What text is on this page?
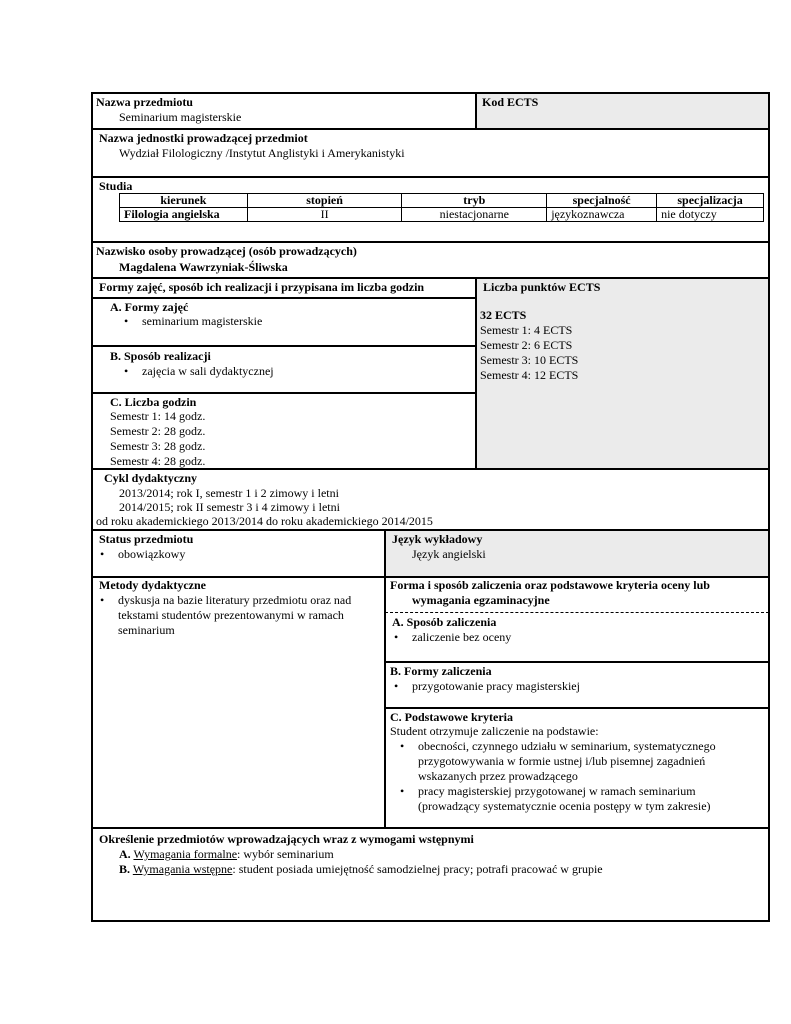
Nazwa przedmiotu
Seminarium magisterskie
Kod ECTS
Nazwa jednostki prowadzącej przedmiot
Wydział Filologiczny /Instytut Anglistyki i Amerykanistyki
Studia
kierunek	stopień	tryb	specjalność	specjalizacja
Filologia angielska	II	niestacjonarne	językoznawcza	nie dotyczy
Nazwisko osoby prowadzącej (osób prowadzących)
Magdalena Wawrzyniak-Śliwska
Formy zajęć, sposób ich realizacji i przypisana im liczba godzin
A. Formy zajęć
• seminarium magisterskie
B. Sposób realizacji
• zajęcia w sali dydaktycznej
C. Liczba godzin
Semestr 1: 14 godz.
Semestr 2: 28 godz.
Semestr 3: 28 godz.
Semestr 4: 28 godz.
Liczba punktów ECTS
32 ECTS
Semestr 1: 4 ECTS
Semestr 2: 6 ECTS
Semestr 3: 10 ECTS
Semestr 4: 12 ECTS
Cykl dydaktyczny
2013/2014; rok I, semestr 1 i 2 zimowy i letni
2014/2015; rok II semestr 3 i 4 zimowy i letni
od roku akademickiego 2013/2014 do roku akademickiego 2014/2015
Status przedmiotu
• obowiązkowy
Język wykładowy
Język angielski
Metody dydaktyczne
• dyskusja na bazie literatury przedmiotu oraz nad
tekstami studentów prezentowanymi w ramach
seminarium
Forma i sposób zaliczenia oraz podstawowe kryteria oceny lub
wymagania egzaminacyjne
A. Sposób zaliczenia
• zaliczenie bez oceny
B. Formy zaliczenia
• przygotowanie pracy magisterskiej
C. Podstawowe kryteria
Student otrzymuje zaliczenie na podstawie:
• obecności, czynnego udziału w seminarium, systematycznego
przygotowywania w formie ustnej i/lub pisemnej zagadnień
wskazanych przez prowadzącego
• pracy magisterskiej przygotowanej w ramach seminarium
(prowadzący systematycznie ocenia postępy w tym zakresie)
Określenie przedmiotów wprowadzających wraz z wymogami wstępnymi
A. Wymagania formalne: wybór seminarium
B. Wymagania wstępne: student posiada umiejętność samodzielnej pracy; potrafi pracować w grupie
